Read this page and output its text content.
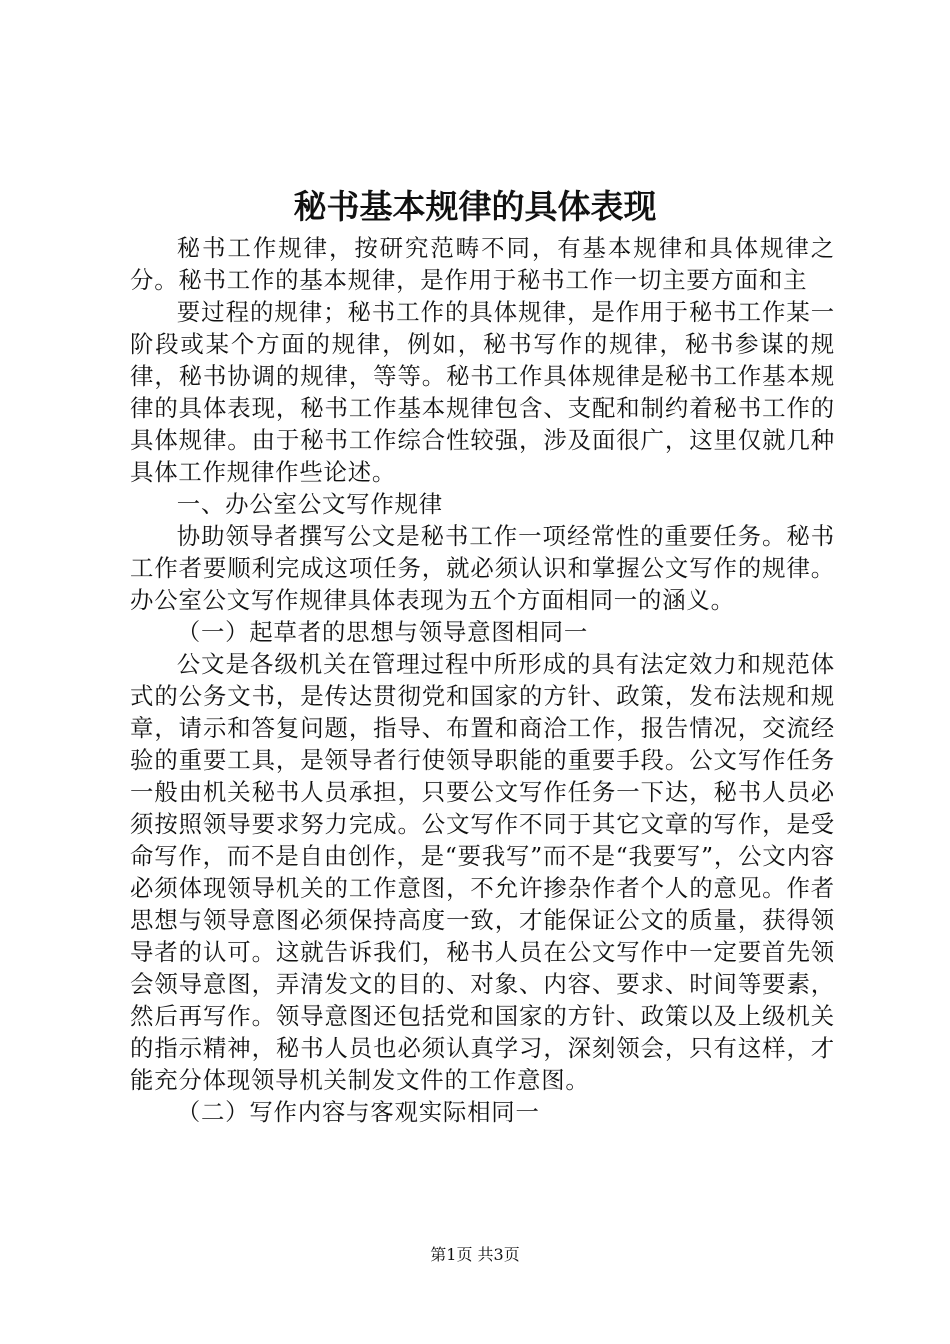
秘书基本规律的具体表现

秘书工作规律，按研究范畴不同，有基本规律和具体规律之分。秘书工作的基本规律，是作用于秘书工作一切主要方面和主

要过程的规律；秘书工作的具体规律，是作用于秘书工作某一阶段或某个方面的规律，例如，秘书写作的规律，秘书参谋的规律，秘书协调的规律，等等。秘书工作具体规律是秘书工作基本规律的具体表现，秘书工作基本规律包含、支配和制约着秘书工作的具体规律。由于秘书工作综合性较强，涉及面很广，这里仅就几种具体工作规律作些论述。

一、办公室公文写作规律

协助领导者撰写公文是秘书工作一项经常性的重要任务。秘书工作者要顺利完成这项任务，就必须认识和掌握公文写作的规律。办公室公文写作规律具体表现为五个方面相同一的涵义。

（一）起草者的思想与领导意图相同一

公文是各级机关在管理过程中所形成的具有法定效力和规范体式的公务文书，是传达贯彻党和国家的方针、政策，发布法规和规章，请示和答复问题，指导、布置和商洽工作，报告情况，交流经验的重要工具，是领导者行使领导职能的重要手段。公文写作任务一般由机关秘书人员承担，只要公文写作任务一下达，秘书人员必须按照领导要求努力完成。公文写作不同于其它文章的写作，是受命写作，而不是自由创作，是“要我写”而不是“我要写”，公文内容必须体现领导机关的工作意图，不允许掺杂作者个人的意见。作者思想与领导意图必须保持高度一致，才能保证公文的质量，获得领导者的认可。这就告诉我们，秘书人员在公文写作中一定要首先领会领导意图，弄清发文的目的、对象、内容、要求、时间等要素，然后再写作。领导意图还包括党和国家的方针、政策以及上级机关的指示精神，秘书人员也必须认真学习，深刻领会，只有这样，才能充分体现领导机关制发文件的工作意图。

（二）写作内容与客观实际相同一

第1页 共3页
